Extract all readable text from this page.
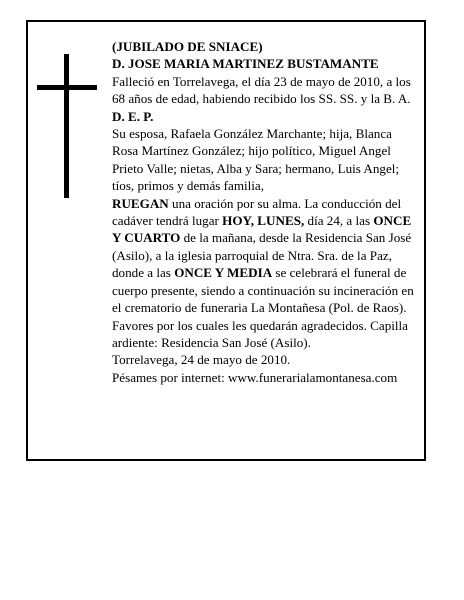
(JUBILADO DE SNIACE)

D. JOSE MARIA MARTINEZ BUSTAMANTE

Falleció en Torrelavega, el día 23 de mayo de 2010, a los 68 años de edad, habiendo recibido los SS. SS. y la B. A.

D. E. P.

Su esposa, Rafaela González Marchante; hija, Blanca Rosa Martínez González; hijo político, Miguel Angel Prieto Valle; nietas, Alba y Sara; hermano, Luis Angel; tíos, primos y demás familia,

RUEGAN una oración por su alma. La conducción del cadáver tendrá lugar HOY, LUNES, día 24, a las ONCE Y CUARTO de la mañana, desde la Residencia San José (Asilo), a la iglesia parroquial de Ntra. Sra. de la Paz, donde a las ONCE Y MEDIA se celebrará el funeral de cuerpo presente, siendo a continuación su incineración en el crematorio de funeraria La Montañesa (Pol. de Raos). Favores por los cuales les quedarán agradecidos. Capilla ardiente: Residencia San José (Asilo).

Torrelavega, 24 de mayo de 2010.

Pésames por internet: www.funerarialamontanesa.com
